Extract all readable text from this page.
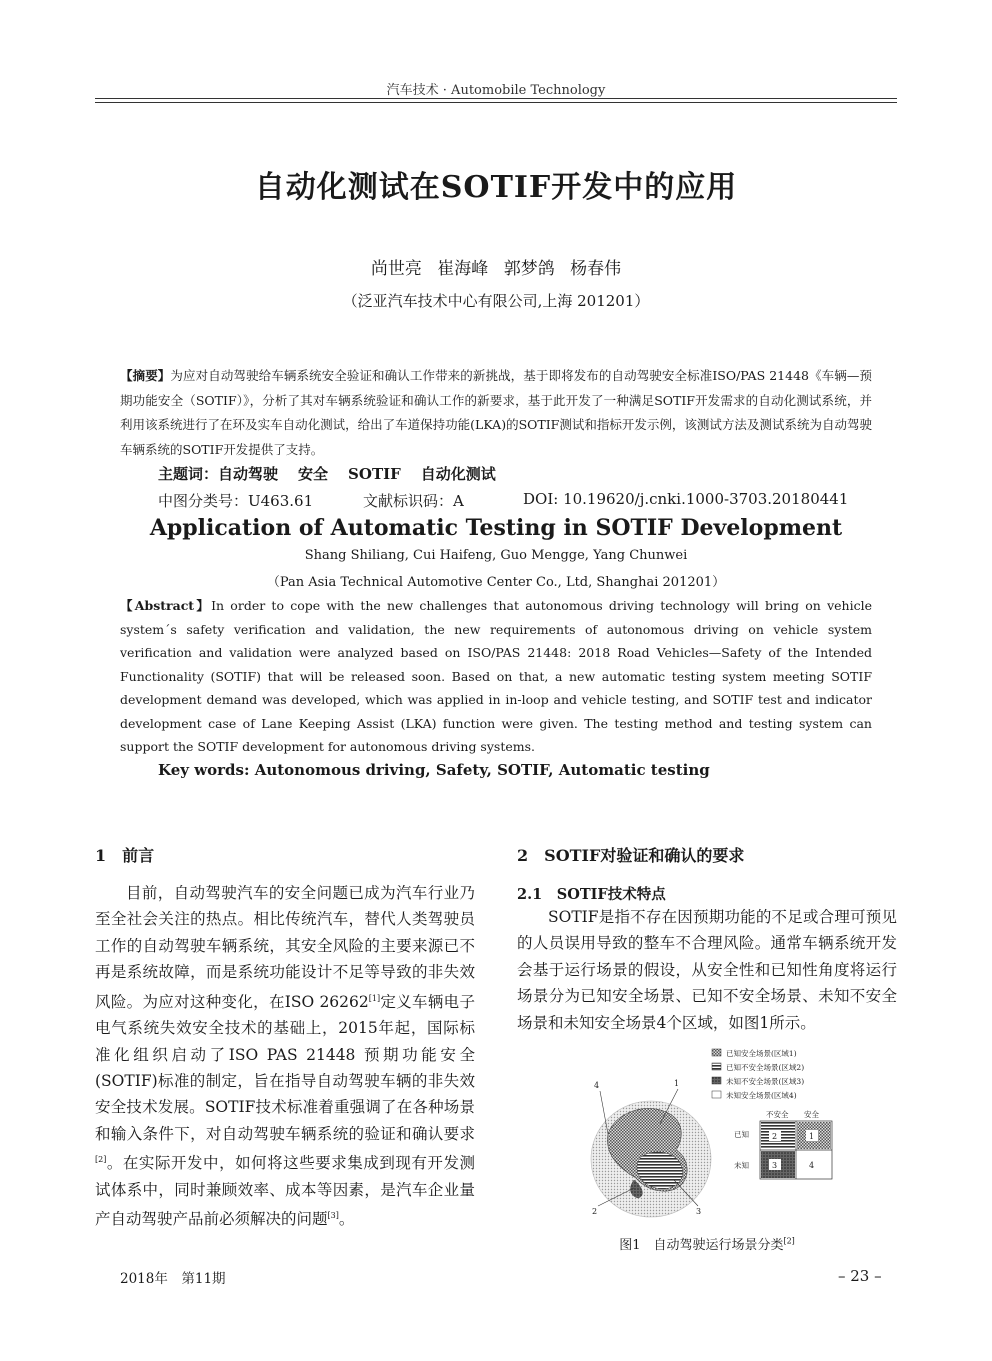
汽车技术 · Automobile Technology
自动化测试在SOTIF开发中的应用
尚世亮 崔海峰 郭梦鸽 杨春伟
（泛亚汽车技术中心有限公司,上海 201201）
【摘要】为应对自动驾驶给车辆系统安全验证和确认工作带来的新挑战，基于即将发布的自动驾驶安全标准ISO/PAS 21448《车辆—预期功能安全（SOTIF）》，分析了其对车辆系统验证和确认工作的新要求，基于此开发了一种满足SOTIF开发需求的自动化测试系统，并利用该系统进行了在环及实车自动化测试，给出了车道保持功能(LKA)的SOTIF测试和指标开发示例，该测试方法及测试系统为自动驾驶车辆系统的SOTIF开发提供了支持。
主题词：自动驾驶 安全 SOTIF 自动化测试
中图分类号：U463.61	文献标识码：A	DOI: 10.19620/j.cnki.1000-3703.20180441
Application of Automatic Testing in SOTIF Development
Shang Shiliang, Cui Haifeng, Guo Mengge, Yang Chunwei
（Pan Asia Technical Automotive Center Co., Ltd, Shanghai 201201）
【Abstract】In order to cope with the new challenges that autonomous driving technology will bring on vehicle system´s safety verification and validation, the new requirements of autonomous driving on vehicle system verification and validation were analyzed based on ISO/PAS 21448: 2018 Road Vehicles—Safety of the Intended Functionality (SOTIF) that will be released soon. Based on that, a new automatic testing system meeting SOTIF development demand was developed, which was applied in in-loop and vehicle testing, and SOTIF test and indicator development case of Lane Keeping Assist (LKA) function were given. The testing method and testing system can support the SOTIF development for autonomous driving systems.
Key words: Autonomous driving, Safety, SOTIF, Automatic testing
1　前言
目前，自动驾驶汽车的安全问题已成为汽车行业乃至全社会关注的热点。相比传统汽车，替代人类驾驶员工作的自动驾驶车辆系统，其安全风险的主要来源已不再是系统故障，而是系统功能设计不足等导致的非失效风险。为应对这种变化，在ISO 26262[1]定义车辆电子电气系统失效安全技术的基础上，2015年起，国际标准化组织启动了ISO PAS 21448 预期功能安全(SOTIF)标准的制定，旨在指导自动驾驶车辆的非失效安全技术发展。SOTIF技术标准着重强调了在各种场景和输入条件下，对自动驾驶车辆系统的验证和确认要求[2]。在实际开发中，如何将这些要求集成到现有开发测试体系中，同时兼顾效率、成本等因素，是汽车企业量产自动驾驶产品前必须解决的问题[3]。
2　SOTIF对验证和确认的要求
2.1　SOTIF技术特点
SOTIF是指不存在因预期功能的不足或合理可预见的人员误用导致的整车不合理风险。通常车辆系统开发会基于运行场景的假设，从安全性和已知性角度将运行场景分为已知安全场景、已知不安全场景、未知不安全场景和未知安全场景4个区域，如图1所示。
已知安全场景(区域1)
已知不安全场景(区域2)
未知不安全场景(区域3)
未知安全场景(区域4)
4	1
2	3
不安全 安全
已知
未知
2	1
3	4
图1　自动驾驶运行场景分类[2]
2018年　第11期	– 23 –
